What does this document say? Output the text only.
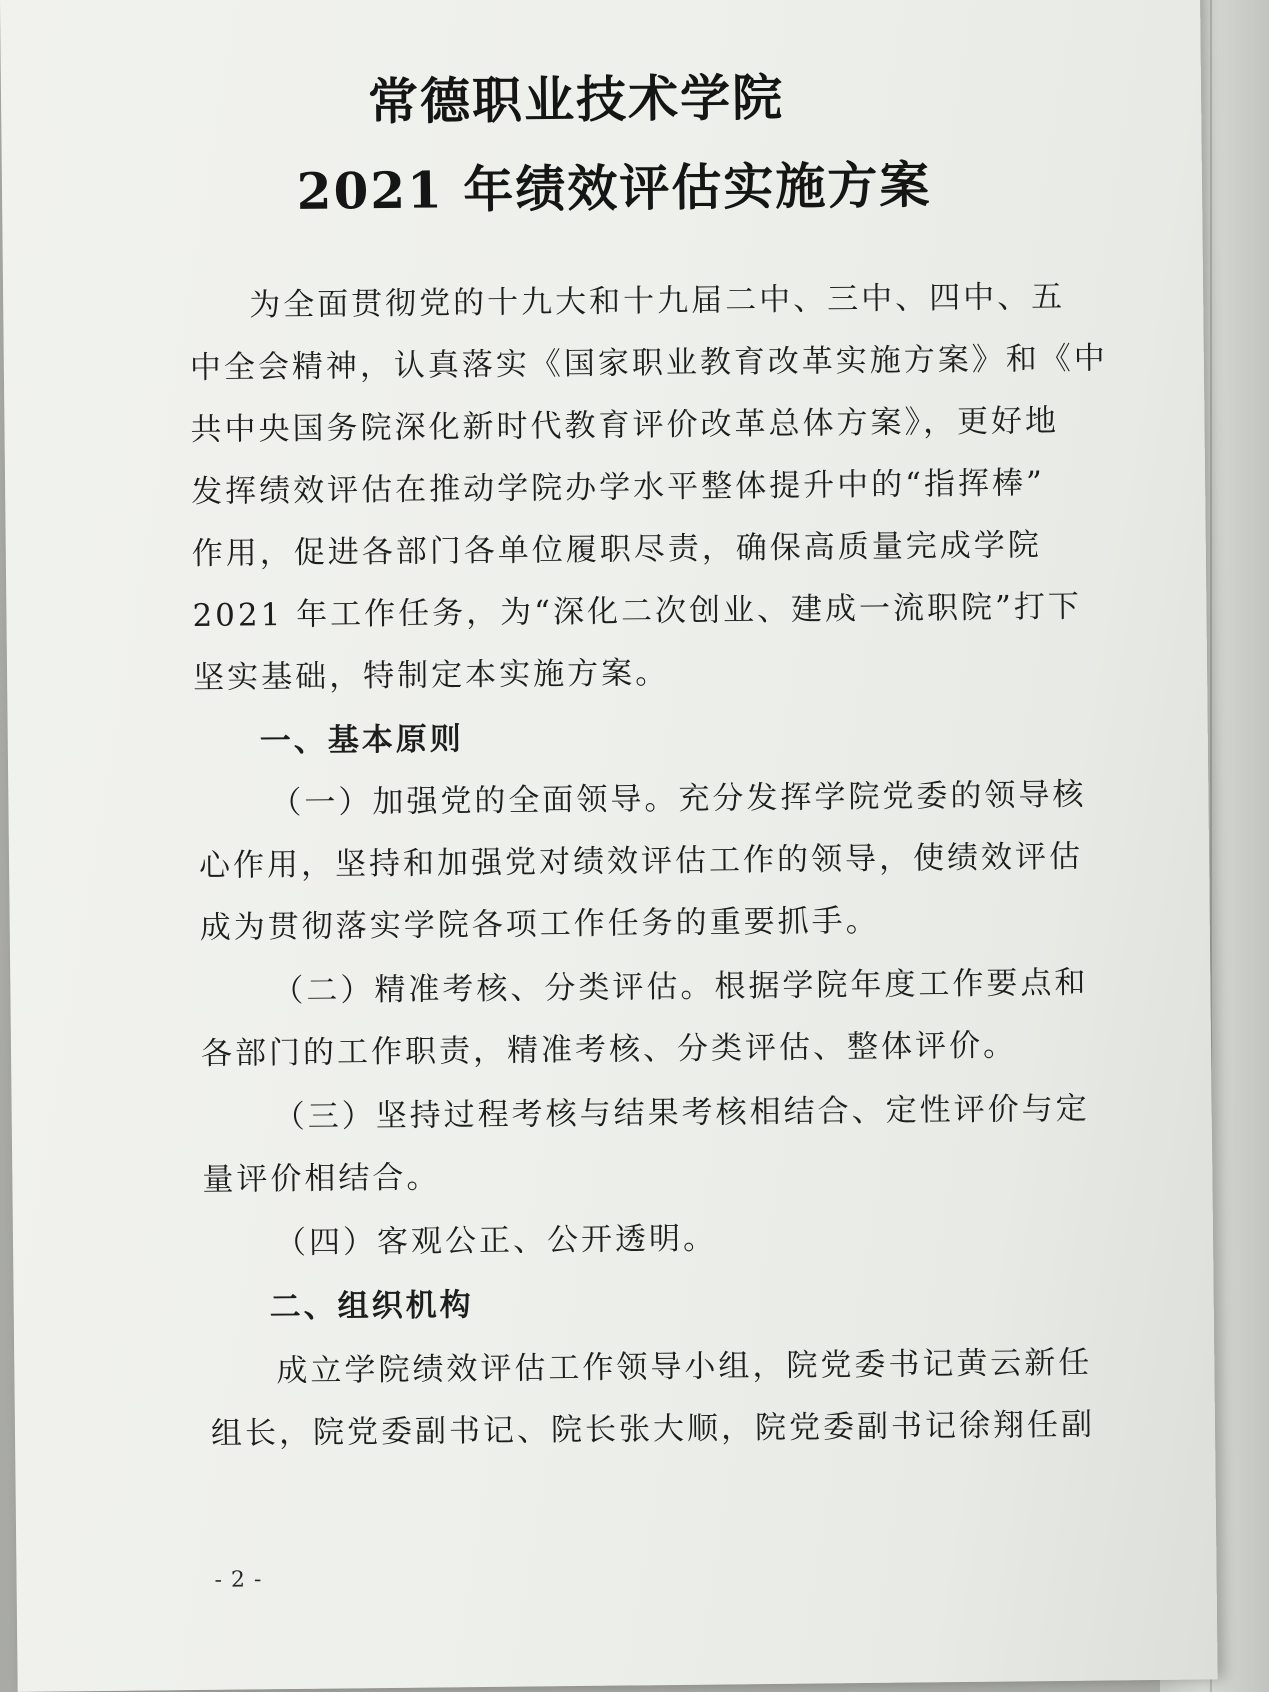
常德职业技术学院
2021 年绩效评估实施方案
为全面贯彻党的十九大和十九届二中、三中、四中、五
中全会精神，认真落实《国家职业教育改革实施方案》和《中
共中央国务院深化新时代教育评价改革总体方案》，更好地
发挥绩效评估在推动学院办学水平整体提升中的“指挥棒”
作用，促进各部门各单位履职尽责，确保高质量完成学院
2021 年工作任务，为“深化二次创业、建成一流职院”打下
坚实基础，特制定本实施方案。
一、基本原则
（一）加强党的全面领导。充分发挥学院党委的领导核
心作用，坚持和加强党对绩效评估工作的领导，使绩效评估
成为贯彻落实学院各项工作任务的重要抓手。
（二）精准考核、分类评估。根据学院年度工作要点和
各部门的工作职责，精准考核、分类评估、整体评价。
（三）坚持过程考核与结果考核相结合、定性评价与定
量评价相结合。
（四）客观公正、公开透明。
二、组织机构
成立学院绩效评估工作领导小组，院党委书记黄云新任
组长，院党委副书记、院长张大顺，院党委副书记徐翔任副
- 2 -
